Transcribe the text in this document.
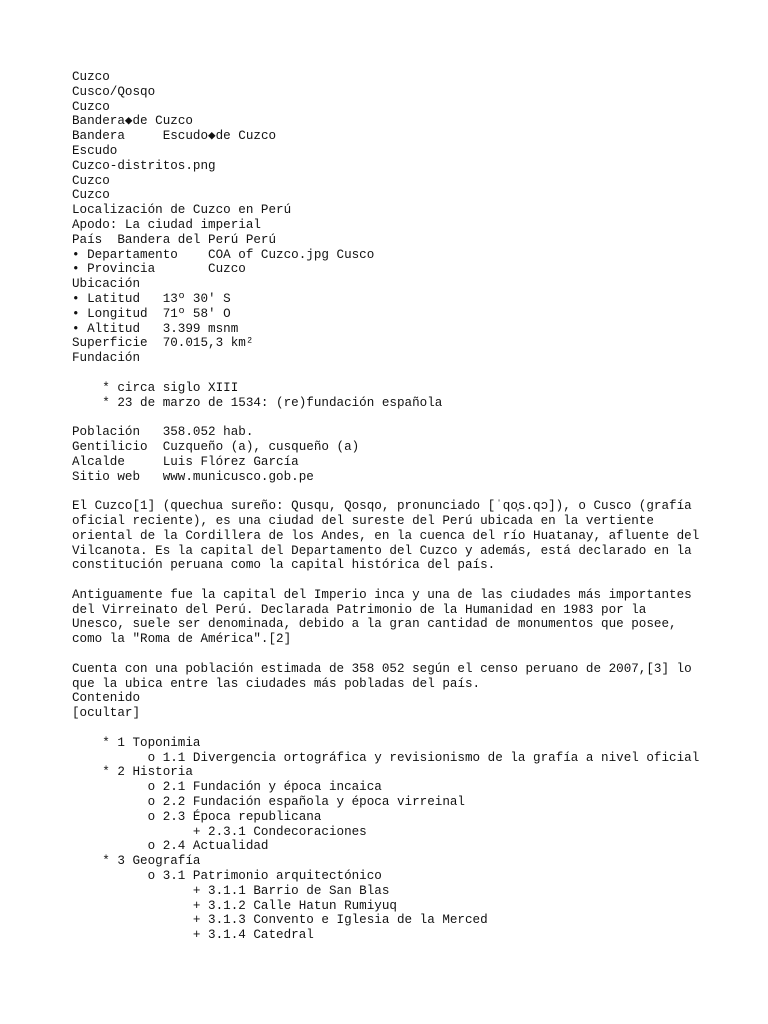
Cuzco
Cusco/Qosqo
Cuzco
Bandera◆de Cuzco
Bandera     Escudo◆de Cuzco
Escudo
Cuzco-distritos.png
Cuzco
Cuzco
Localización de Cuzco en Perú
Apodo: La ciudad imperial
País  Bandera del Perú Perú
• Departamento    COA of Cuzco.jpg Cusco
• Provincia       Cuzco
Ubicación
• Latitud   13º 30' S
• Longitud  71º 58' O
• Altitud   3.399 msnm
Superficie  70.015,3 km²
Fundación
* circa siglo XIII
* 23 de marzo de 1534: (re)fundación española
Población   358.052 hab.
Gentilicio  Cuzqueño (a), cusqueño (a)
Alcalde     Luis Flórez García
Sitio web   www.municusco.gob.pe
El Cuzco[1] (quechua sureño: Qusqu, Qosqo, pronunciado [ˈqo̞s.qɔ]), o Cusco (grafía
oficial reciente), es una ciudad del sureste del Perú ubicada en la vertiente
oriental de la Cordillera de los Andes, en la cuenca del río Huatanay, afluente del
Vilcanota. Es la capital del Departamento del Cuzco y además, está declarado en la
constitución peruana como la capital histórica del país.
Antiguamente fue la capital del Imperio inca y una de las ciudades más importantes
del Virreinato del Perú. Declarada Patrimonio de la Humanidad en 1983 por la
Unesco, suele ser denominada, debido a la gran cantidad de monumentos que posee,
como la "Roma de América".[2]
Cuenta con una población estimada de 358 052 según el censo peruano de 2007,[3] lo
que la ubica entre las ciudades más pobladas del país.
Contenido
[ocultar]
* 1 Toponimia
o 1.1 Divergencia ortográfica y revisionismo de la grafía a nivel oficial
* 2 Historia
o 2.1 Fundación y época incaica
o 2.2 Fundación española y época virreinal
o 2.3 Época republicana
+ 2.3.1 Condecoraciones
o 2.4 Actualidad
* 3 Geografía
o 3.1 Patrimonio arquitectónico
+ 3.1.1 Barrio de San Blas
+ 3.1.2 Calle Hatun Rumiyuq
+ 3.1.3 Convento e Iglesia de la Merced
+ 3.1.4 Catedral
